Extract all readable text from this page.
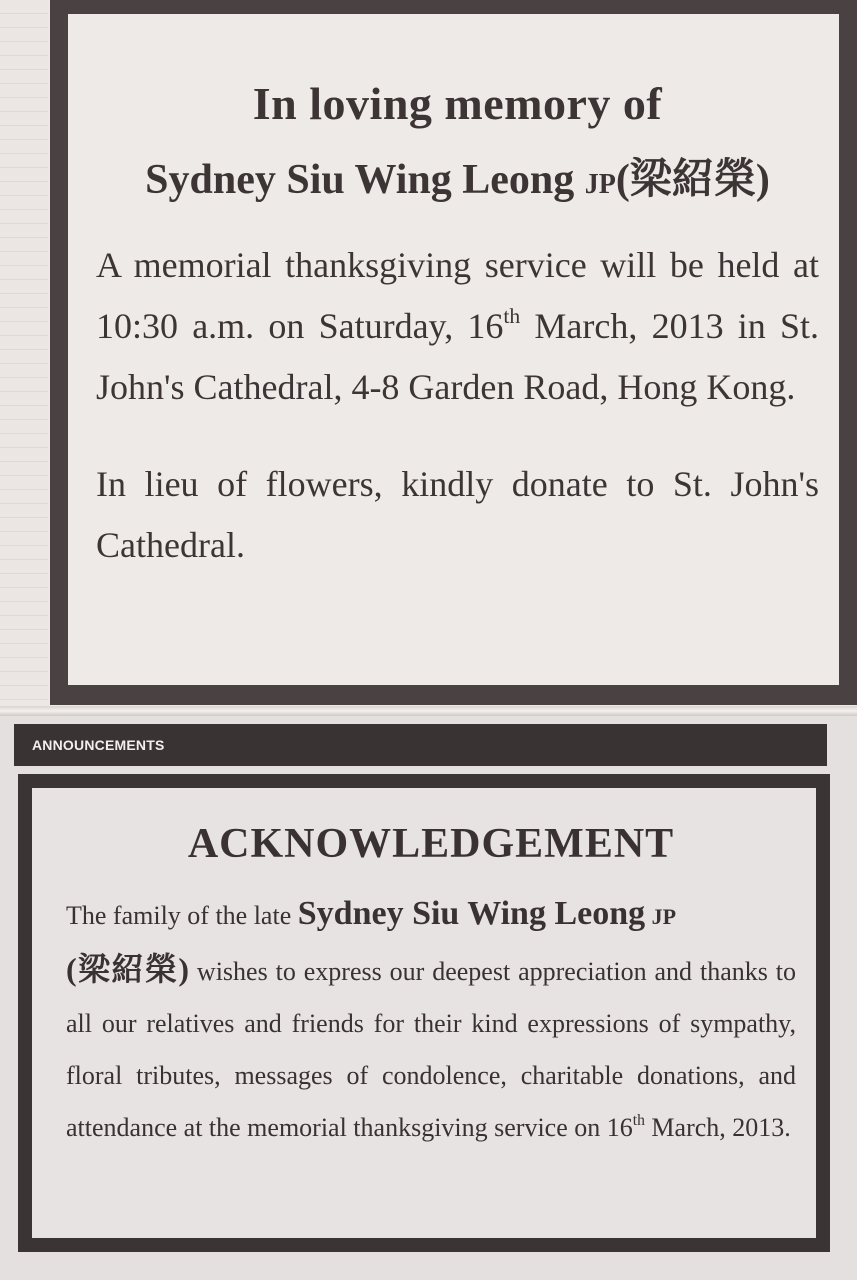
In loving memory of

Sydney Siu Wing Leong JP(梁紹榮)

A memorial thanksgiving service will be held at 10:30 a.m. on Saturday, 16th March, 2013 in St. John's Cathedral, 4-8 Garden Road, Hong Kong.

In lieu of flowers, kindly donate to St. John's Cathedral.

ANNOUNCEMENTS

ACKNOWLEDGEMENT

The family of the late Sydney Siu Wing Leong JP
(梁紹榮) wishes to express our deepest appreciation and thanks to all our relatives and friends for their kind expressions of sympathy, floral tributes, messages of condolence, charitable donations, and attendance at the memorial thanksgiving service on 16th March, 2013.
